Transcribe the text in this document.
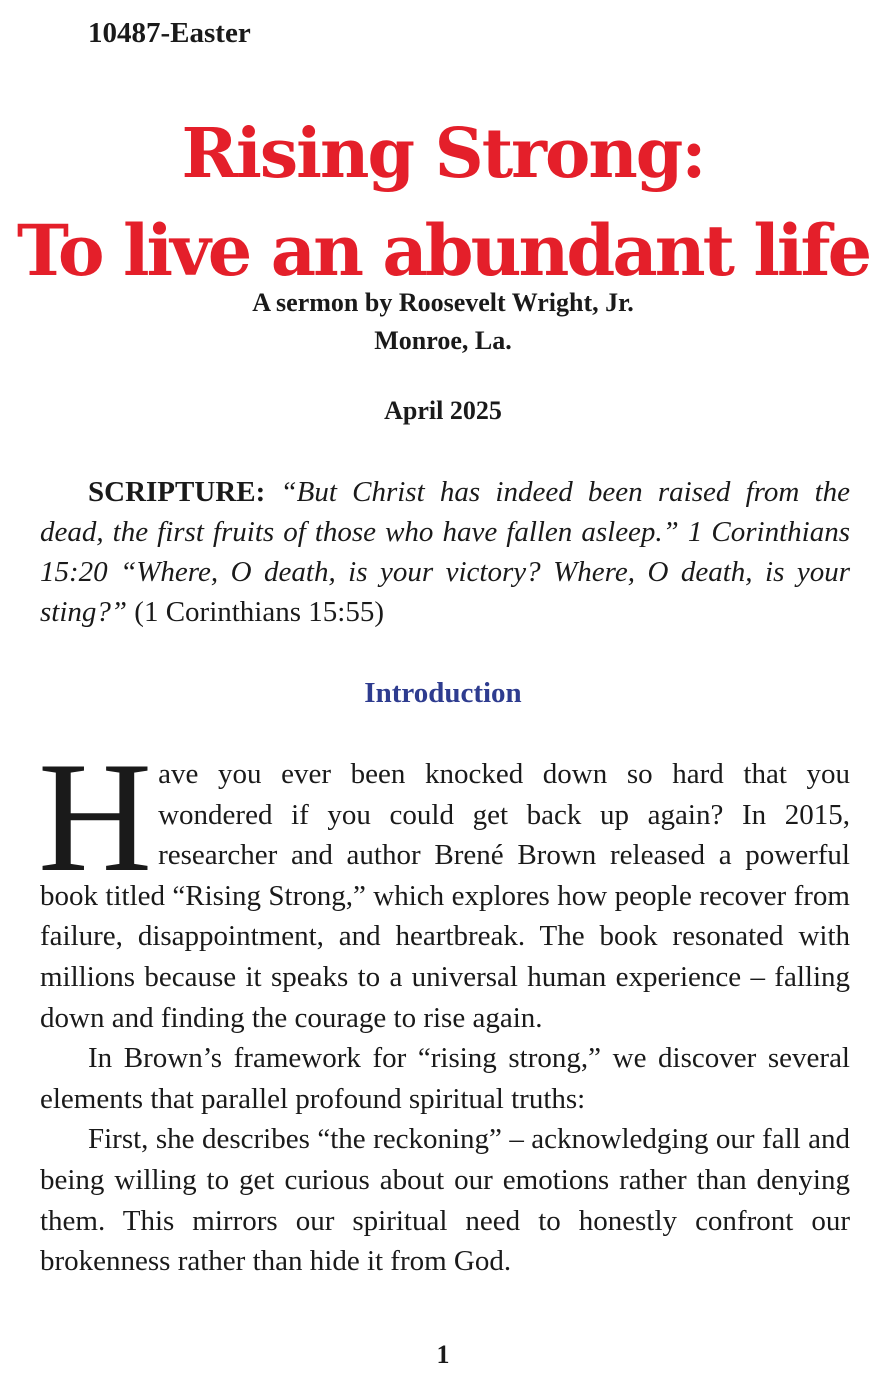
10487-Easter
Rising Strong:
To live an abundant life
A sermon by Roosevelt Wright, Jr.
Monroe, La.
April 2025

SCRIPTURE: “But Christ has indeed been raised from the dead, the first fruits of those who have fallen asleep.” 1 Corinthians 15:20 “Where, O death, is your victory? Where, O death, is your sting?” (1 Corinthians 15:55)

Introduction

Have you ever been knocked down so hard that you wondered if you could get back up again? In 2015, researcher and author Brené Brown released a powerful book titled “Rising Strong,” which explores how people recover from failure, disappointment, and heartbreak. The book resonated with millions because it speaks to a universal human experience – falling down and finding the courage to rise again.

In Brown’s framework for “rising strong,” we discover several elements that parallel profound spiritual truths:

First, she describes “the reckoning” – acknowledging our fall and being willing to get curious about our emotions rather than denying them. This mirrors our spiritual need to honestly confront our brokenness rather than hide it from God.

1
